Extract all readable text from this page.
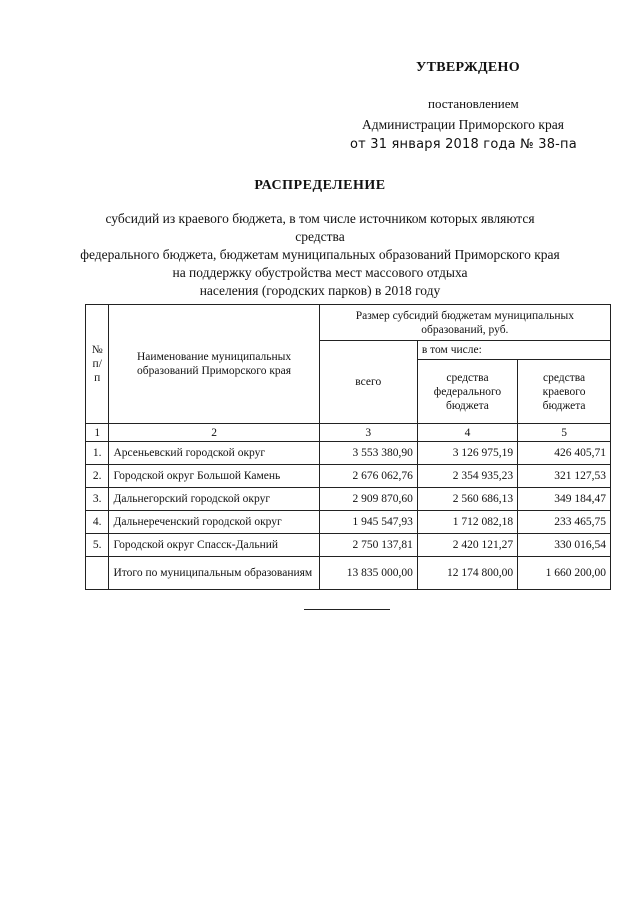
УТВЕРЖДЕНО
постановлением
Администрации Приморского края
от 31 января 2018 года № 38-па
РАСПРЕДЕЛЕНИЕ
субсидий из краевого бюджета, в том числе источником которых являются средства
федерального бюджета, бюджетам муниципальных образований Приморского края
на поддержку обустройства мест массового отдыха
населения (городских парков) в 2018 году
№ п/п	Наименование муниципальных образований Приморского края	Размер субсидий бюджетам муниципальных образований, руб.		
		всего	в том числе:	
			средства федерального бюджета	средства краевого бюджета
1	2	3	4	5
1.	Арсеньевский городской округ	3 553 380,90	3 126 975,19	426 405,71
2.	Городской округ Большой Камень	2 676 062,76	2 354 935,23	321 127,53
3.	Дальнегорский городской округ	2 909 870,60	2 560 686,13	349 184,47
4.	Дальнереченский городской округ	1 945 547,93	1 712 082,18	233 465,75
5.	Городской округ Спасск-Дальний	2 750 137,81	2 420 121,27	330 016,54
	Итого по муниципальным образованиям	13 835 000,00	12 174 800,00	1 660 200,00
